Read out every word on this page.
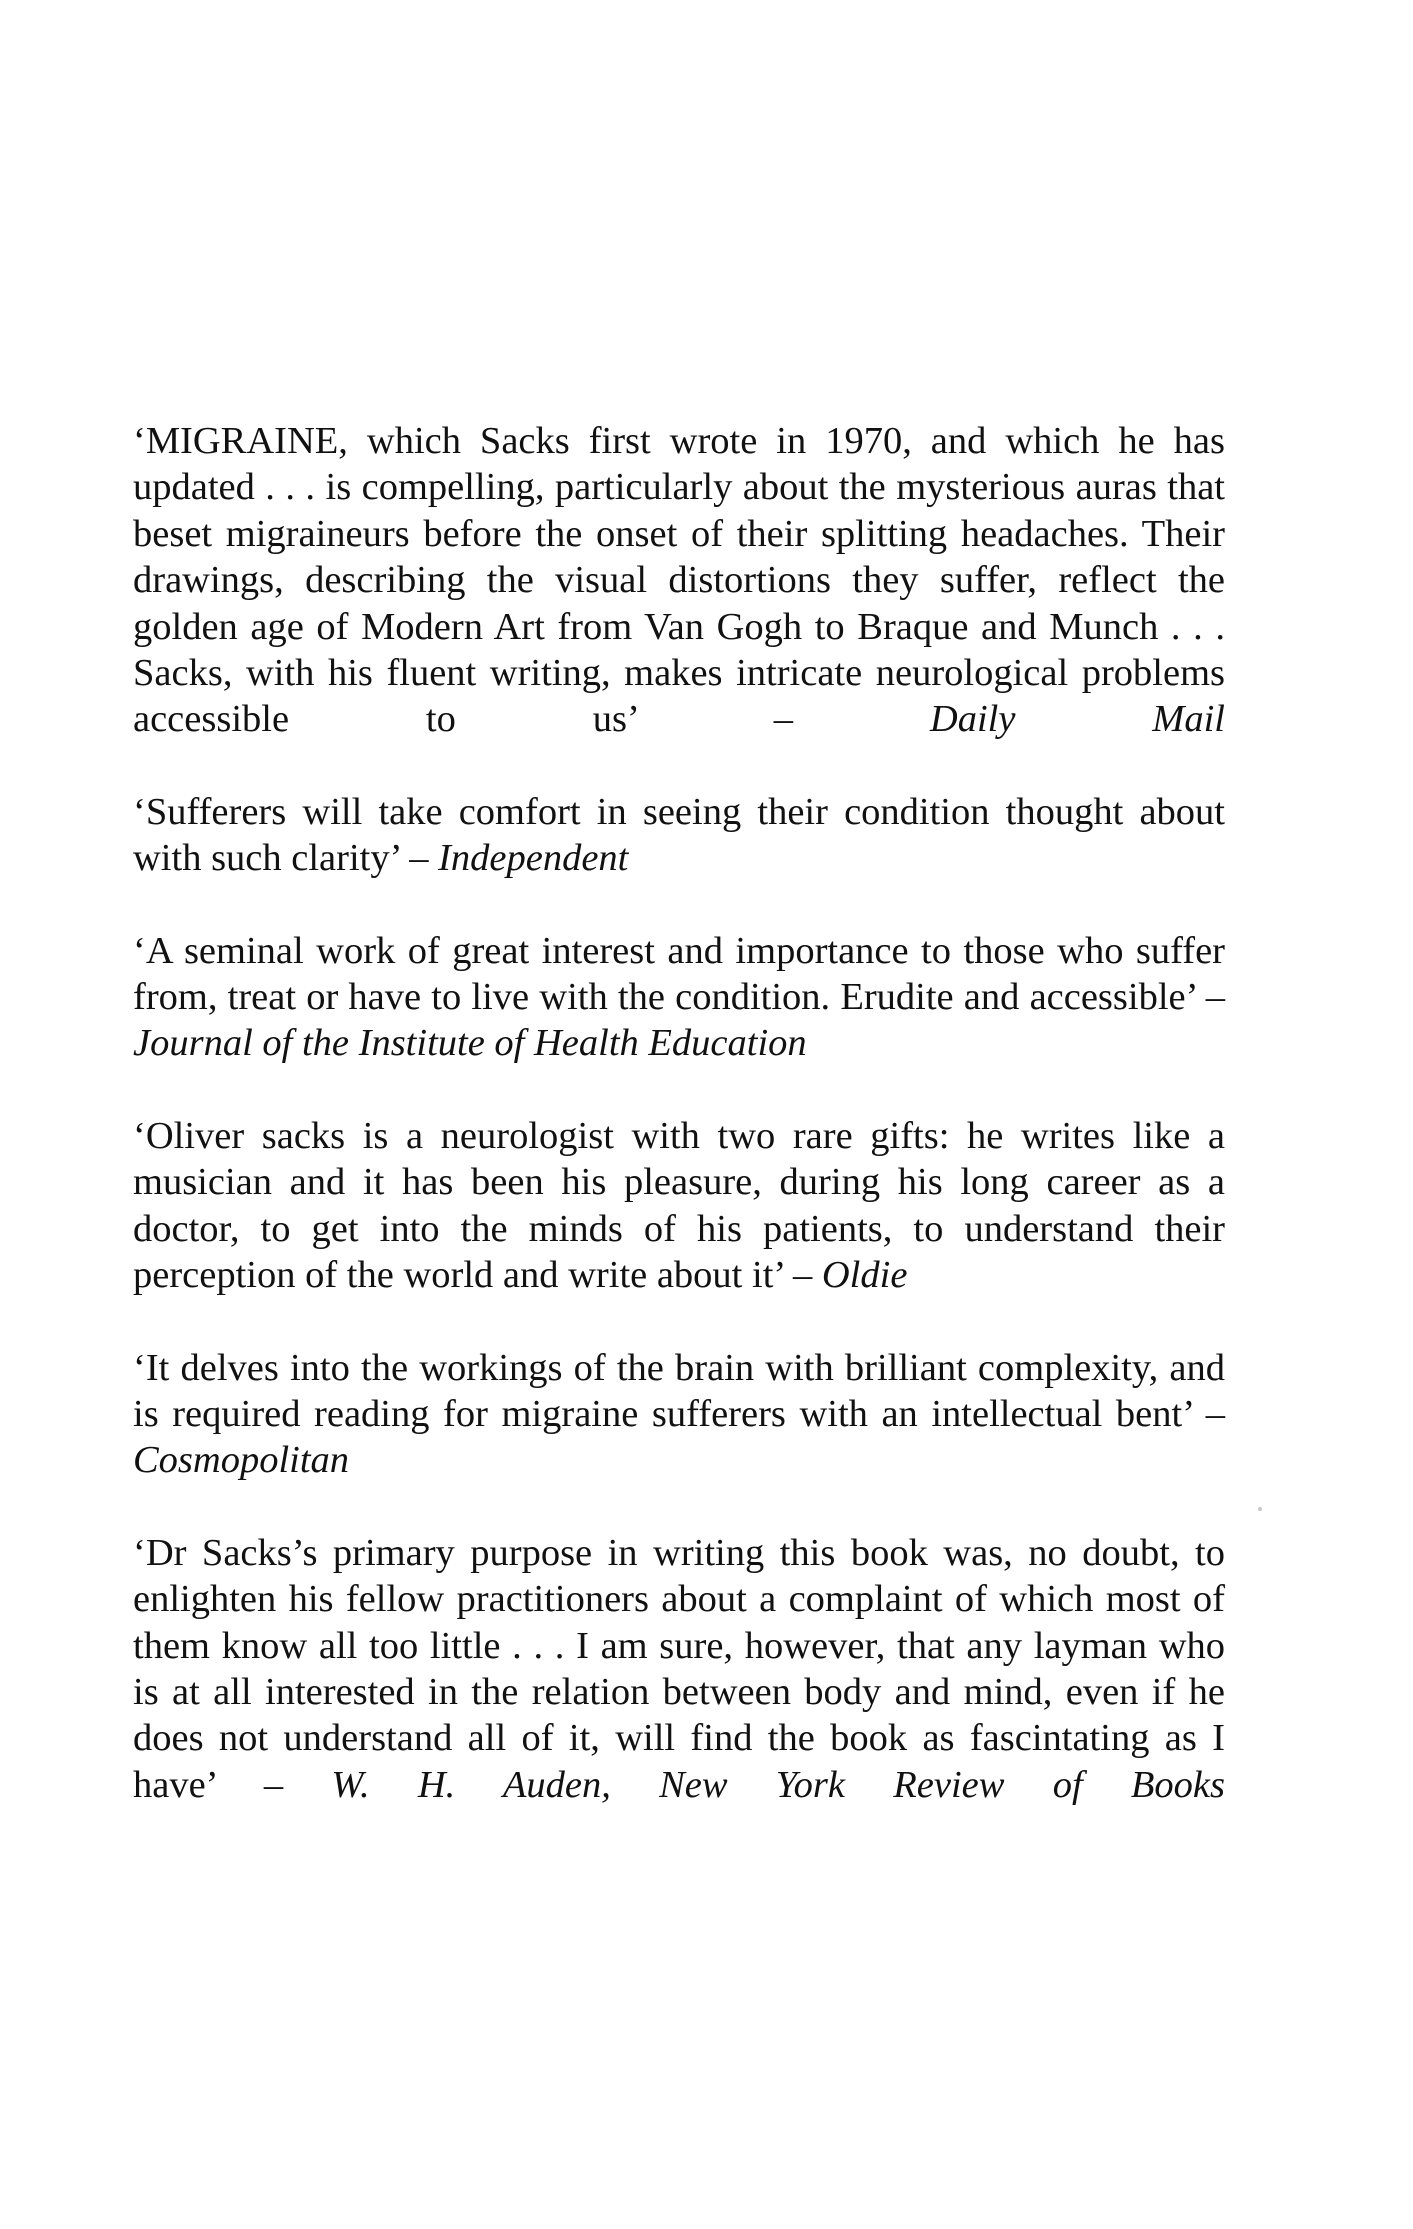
‘MIGRAINE, which Sacks first wrote in 1970, and which he has updated . . . is compelling, particularly about the mysterious auras that beset migraineurs before the onset of their splitting headaches. Their drawings, describing the visual distortions they suffer, reflect the golden age of Modern Art from Van Gogh to Braque and Munch . . . Sacks, with his fluent writing, makes intricate neurological problems accessible to us’ –	Daily Mail

‘Sufferers will take comfort in seeing their condition thought about with such clarity’ – Independent

‘A seminal work of great interest and importance to those who suffer from, treat or have to live with the condition. Erudite and accessible’ – Journal of the Institute of Health Education

‘Oliver sacks is a neurologist with two rare gifts: he writes like a musician and it has been his pleasure, during his long career as a doctor, to get into the minds of his patients, to understand their perception of the world and write about it’ – Oldie

‘It delves into the workings of the brain with brilliant complexity, and is required reading for migraine sufferers with an intellectual bent’ – Cosmopolitan

‘Dr Sacks’s primary purpose in writing this book was, no doubt, to enlighten his fellow practitioners about a complaint of which most of them know all too little . . . I am sure, however, that any layman who is at all interested in the relation between body and mind, even if he does not understand all of it, will find the book as fascintating as I have’ – W. H. Auden, New York Review of Books
